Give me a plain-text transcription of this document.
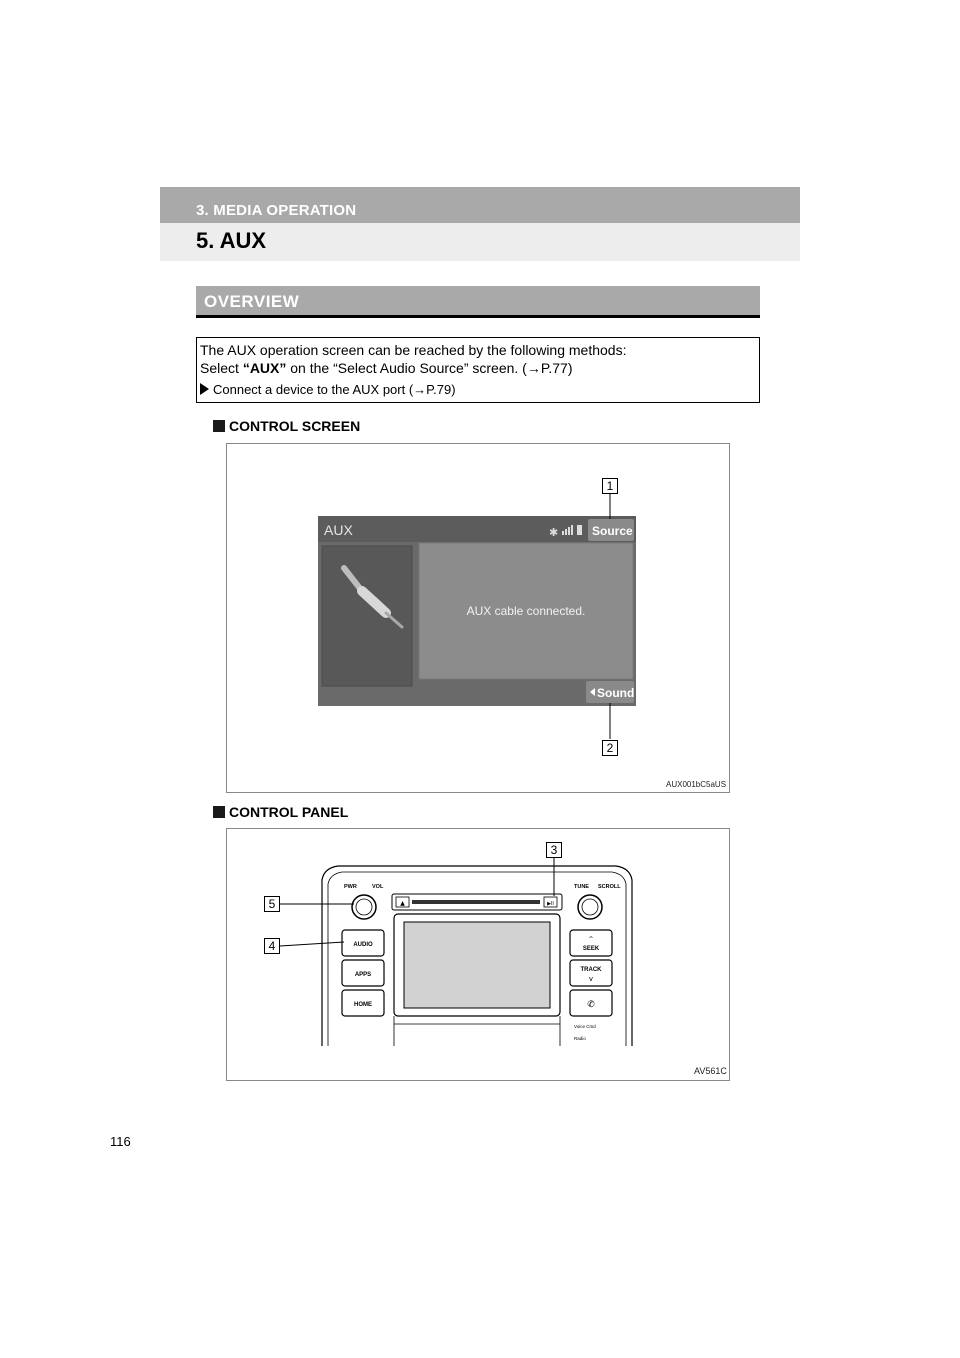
3. MEDIA OPERATION
5. AUX
OVERVIEW
The AUX operation screen can be reached by the following methods:
Select “AUX” on the “Select Audio Source” screen. (→P.77)
Connect a device to the AUX port (→P.79)
CONTROL SCREEN
AUX	✱	Source
AUX cable connected.
Sound
1
2
AUX001bC5aUS
CONTROL PANEL
▲	▶II
PWR	VOL	TUNE SCROLL
AUDIO
APPS
HOME
^
SEEK
TRACK
v
✆
Voice Cmd
Radio
3
4
5
AV561C
116
